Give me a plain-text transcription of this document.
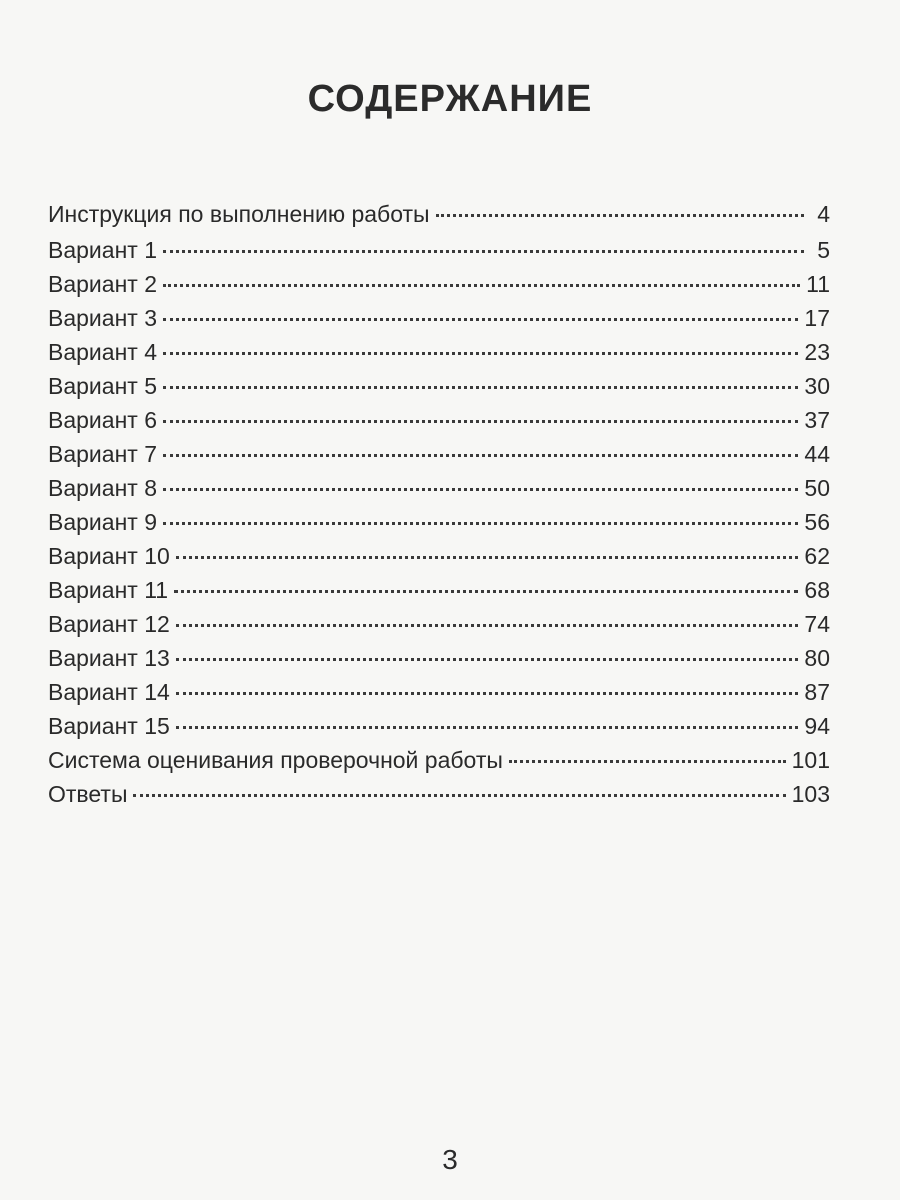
СОДЕРЖАНИЕ
Инструкция по выполнению работы	4
Вариант 1	5
Вариант 2	11
Вариант 3	17
Вариант 4	23
Вариант 5	30
Вариант 6	37
Вариант 7	44
Вариант 8	50
Вариант 9	56
Вариант 10	62
Вариант 11	68
Вариант 12	74
Вариант 13	80
Вариант 14	87
Вариант 15	94
Система оценивания проверочной работы	101
Ответы	103
3
